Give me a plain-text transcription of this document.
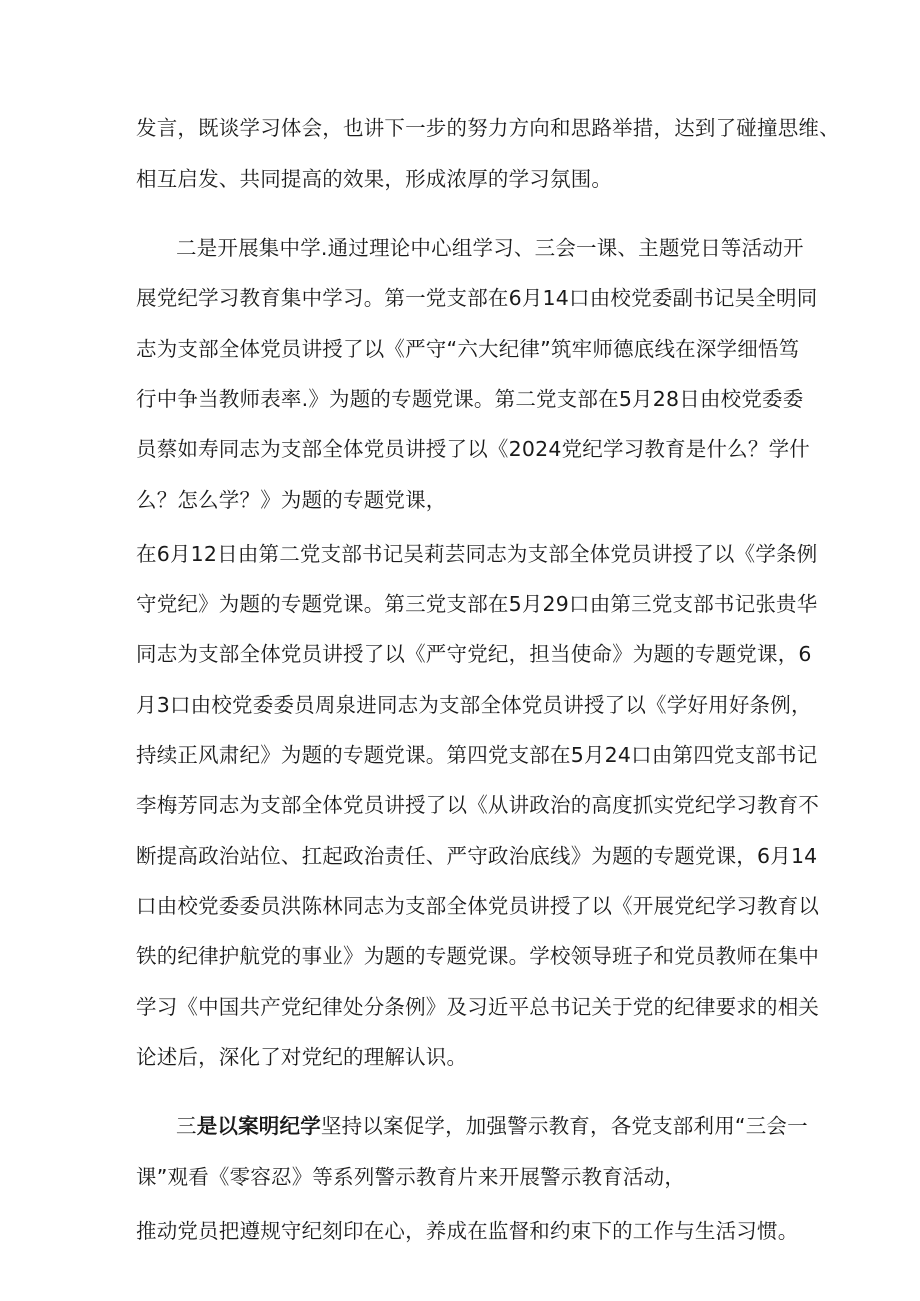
发言，既谈学习体会，也讲下一步的努力方向和思路举措，达到了碰撞思维、
相互启发、共同提高的效果，形成浓厚的学习氛围。
二是开展集中学.通过理论中心组学习、三会一课、主题党日等活动开
展党纪学习教育集中学习。第一党支部在6月14口由校党委副书记吴全明同
志为支部全体党员讲授了以《严守“六大纪律”筑牢师德底线在深学细悟笃
行中争当教师表率.》为题的专题党课。第二党支部在5月28日由校党委委
员蔡如寿同志为支部全体党员讲授了以《2024党纪学习教育是什么？学什
么？怎么学？》为题的专题党课，
在6月12日由第二党支部书记吴莉芸同志为支部全体党员讲授了以《学条例
守党纪》为题的专题党课。第三党支部在5月29口由第三党支部书记张贵华
同志为支部全体党员讲授了以《严守党纪，担当使命》为题的专题党课，6
月3口由校党委委员周泉进同志为支部全体党员讲授了以《学好用好条例，
持续正风肃纪》为题的专题党课。第四党支部在5月24口由第四党支部书记
李梅芳同志为支部全体党员讲授了以《从讲政治的高度抓实党纪学习教育不
断提高政治站位、扛起政治责任、严守政治底线》为题的专题党课，6月14
口由校党委委员洪陈林同志为支部全体党员讲授了以《开展党纪学习教育以
铁的纪律护航党的事业》为题的专题党课。学校领导班子和党员教师在集中
学习《中国共产党纪律处分条例》及习近平总书记关于党的纪律要求的相关
论述后，深化了对党纪的理解认识。
三是以案明纪学坚持以案促学，加强警示教育，各党支部利用“三会一
课”观看《零容忍》等系列警示教育片来开展警示教育活动，
推动党员把遵规守纪刻印在心，养成在监督和约束下的工作与生活习惯。
